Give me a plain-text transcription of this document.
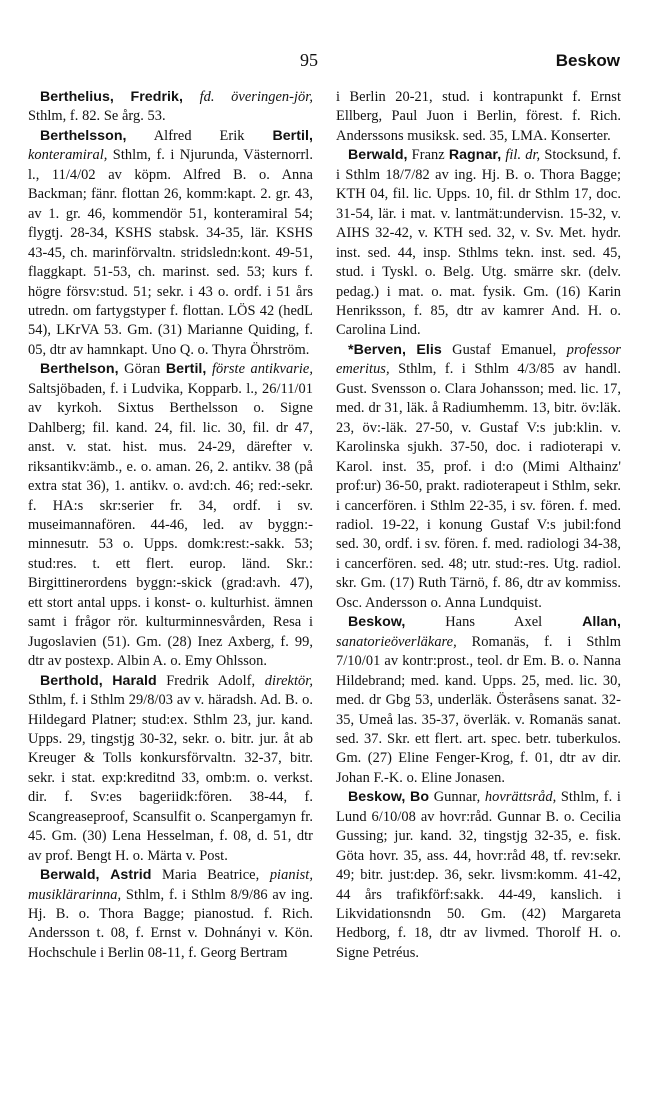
95	Beskow

Berthelius, Fredrik, fd. överingen-jör, Sthlm, f. 82. Se årg. 53.

Berthelsson, Alfred Erik Bertil, konteramiral, Sthlm, f. i Njurunda, Västernorrl. l., 11/4/02 av köpm. Alfred B. o. Anna Backman; fänr. flottan 26, komm:kapt. 2. gr. 43, av 1. gr. 46, kommendör 51, konteramiral 54; flygtj. 28-34, KSHS stabsk. 34-35, lär. KSHS 43-45, ch. marinförvaltn. stridsledn:kont. 49-51, flaggkapt. 51-53, ch. marinst. sed. 53; kurs f. högre försv:stud. 51; sekr. i 43 o. ordf. i 51 års utredn. om fartygstyper f. flottan. LÖS 42 (hedL 54), LKrVA 53. Gm. (31) Marianne Quiding, f. 05, dtr av hamnkapt. Uno Q. o. Thyra Öhrström.

Berthelson, Göran Bertil, förste antikvarie, Saltsjöbaden, f. i Ludvika, Kopparb. l., 26/11/01 av kyrkoh. Sixtus Berthelsson o. Signe Dahlberg; fil. kand. 24, fil. lic. 30, fil. dr 47, anst. v. stat. hist. mus. 24-29, därefter v. riksantikv:ämb., e. o. aman. 26, 2. antikv. 38 (på extra stat 36), 1. antikv. o. avd:ch. 46; red:-sekr. f. HA:s skr:serier fr. 34, ordf. i sv. museimannafören. 44-46, led. av byggn:-minnesutr. 53 o. Upps. domk:rest:-sakk. 53; stud:res. t. ett flert. europ. länd. Skr.: Birgittinerordens byggn:-skick (grad:avh. 47), ett stort antal upps. i konst- o. kulturhist. ämnen samt i frågor rör. kulturminnesvården, Resa i Jugoslavien (51). Gm. (28) Inez Axberg, f. 99, dtr av postexp. Albin A. o. Emy Ohlsson.

Berthold, Harald Fredrik Adolf, direktör, Sthlm, f. i Sthlm 29/8/03 av v. häradsh. Ad. B. o. Hildegard Platner; stud:ex. Sthlm 23, jur. kand. Upps. 29, tingstjg 30-32, sekr. o. bitr. jur. åt ab Kreuger & Tolls konkursförvaltn. 32-37, bitr. sekr. i stat. exp:kreditnd 33, omb:m. o. verkst. dir. f. Sv:es bageriidk:fören. 38-44, f. Scangreaseproof, Scansulfit o. Scanpergamyn fr. 45. Gm. (30) Lena Hesselman, f. 08, d. 51, dtr av prof. Bengt H. o. Märta v. Post.

Berwald, Astrid Maria Beatrice, pianist, musiklärarinna, Sthlm, f. i Sthlm 8/9/86 av ing. Hj. B. o. Thora Bagge; pianostud. f. Rich. Andersson t. 08, f. Ernst v. Dohnányi v. Kön. Hochschule i Berlin 08-11, f. Georg Bertram

i Berlin 20-21, stud. i kontrapunkt f. Ernst Ellberg, Paul Juon i Berlin, förest. f. Rich. Anderssons musiksk. sed. 35, LMA. Konserter.

Berwald, Franz Ragnar, fil. dr, Stocksund, f. i Sthlm 18/7/82 av ing. Hj. B. o. Thora Bagge; KTH 04, fil. lic. Upps. 10, fil. dr Sthlm 17, doc. 31-54, lär. i mat. v. lantmät:undervisn. 15-32, v. AIHS 32-42, v. KTH sed. 32, v. Sv. Met. hydr. inst. sed. 44, insp. Sthlms tekn. inst. sed. 45, stud. i Tyskl. o. Belg. Utg. smärre skr. (delv. pedag.) i mat. o. mat. fysik. Gm. (16) Karin Henriksson, f. 85, dtr av kamrer And. H. o. Carolina Lind.

*Berven, Elis Gustaf Emanuel, professor emeritus, Sthlm, f. i Sthlm 4/3/85 av handl. Gust. Svensson o. Clara Johansson; med. lic. 17, med. dr 31, läk. å Radiumhemm. 13, bitr. öv:läk. 23, öv:-läk. 27-50, v. Gustaf V:s jub:klin. v. Karolinska sjukh. 37-50, doc. i radioterapi v. Karol. inst. 35, prof. i d:o (Mimi Althainz' prof:ur) 36-50, prakt. radioterapeut i Sthlm, sekr. i cancerfören. i Sthlm 22-35, i sv. fören. f. med. radiol. 19-22, i konung Gustaf V:s jubil:fond sed. 30, ordf. i sv. fören. f. med. radiologi 34-38, i cancerfören. sed. 48; utr. stud:-res. Utg. radiol. skr. Gm. (17) Ruth Tärnö, f. 86, dtr av kommiss. Osc. Andersson o. Anna Lundquist.

Beskow,	Hans Axel	Allan, sanatorieöverläkare, Romanäs, f. i Sthlm 7/10/01 av kontr:prost., teol. dr Em. B. o. Nanna Hildebrand; med. kand. Upps. 25, med. lic. 30, med. dr Gbg 53, underläk. Österåsens sanat. 32-35, Umeå las. 35-37, överläk. v. Romanäs sanat. sed. 37. Skr. ett flert. art. spec. betr. tuberkulos. Gm. (27) Eline Fenger-Krog, f. 01, dtr av dir. Johan F.-K. o. Eline Jonasen.

Beskow, Bo Gunnar, hovrättsråd, Sthlm, f. i Lund 6/10/08 av hovr:råd. Gunnar B. o. Cecilia Gussing; jur. kand. 32, tingstjg 32-35, e. fisk. Göta hovr. 35, ass. 44, hovr:råd 48, tf. rev:sekr. 49; bitr. just:dep. 36, sekr. livsm:komm. 41-42, 44 års trafikförf:sakk. 44-49, kanslich. i Likvidationsndn 50. Gm. (42) Margareta Hedborg, f. 18, dtr av livmed. Thorolf H. o. Signe Petréus.
